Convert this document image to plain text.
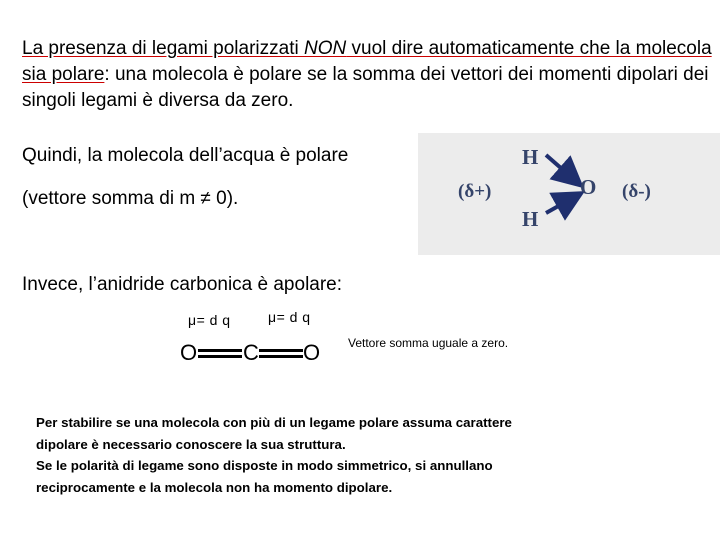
La presenza di legami polarizzati NON vuol dire automaticamente che la molecola sia polare: una molecola è polare se la somma dei vettori dei momenti dipolari dei singoli legami è diversa da zero.

Quindi, la molecola dell’acqua è polare

(vettore somma di m ≠ 0).

H
O
H
(δ+)	(δ-)

Invece, l’anidride carbonica è apolare:

μ= d q	μ= d q
O C O Vettore somma uguale a zero.

Per stabilire se una molecola con più di un legame polare assuma carattere
dipolare è necessario conoscere la sua struttura.
Se le polarità di legame sono disposte in modo simmetrico, si annullano
reciprocamente e la molecola non ha momento dipolare.
